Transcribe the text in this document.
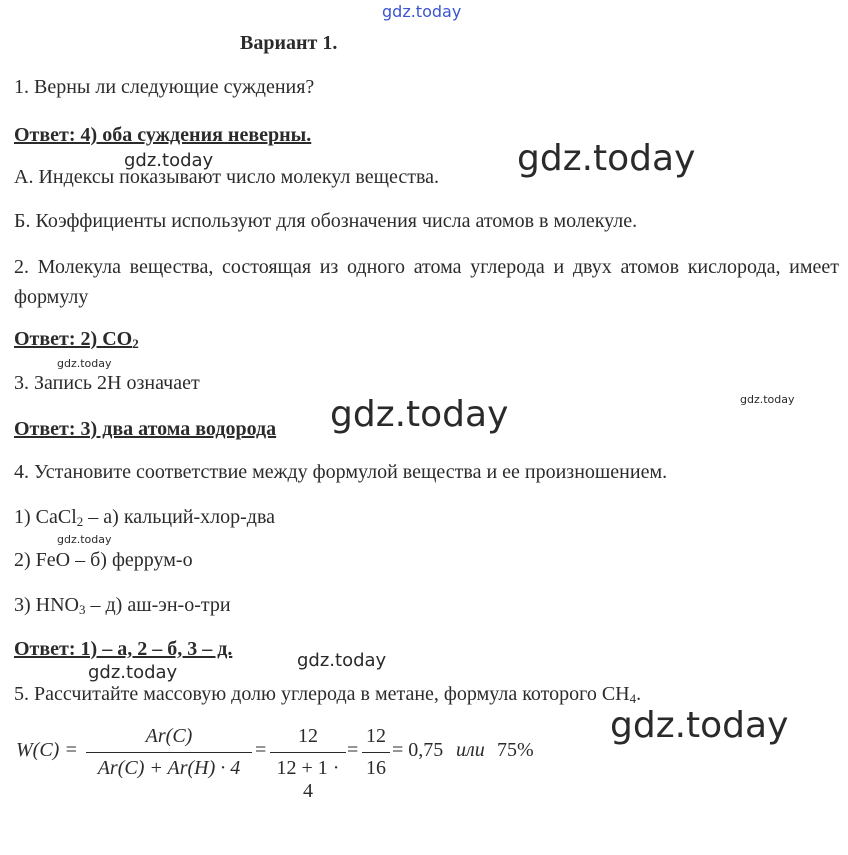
gdz.today
gdz.today	gdz.today
gdz.today
gdz.today	gdz.today
gdz.today
gdz.today
gdz.today
gdz.today
Вариант 1.
1. Верны ли следующие суждения?
Ответ: 4) оба суждения неверны.
А. Индексы показывают число молекул вещества.
Б. Коэффициенты используют для обозначения числа атомов в молекуле.
2. Молекула вещества, состоящая из одного атома углерода и двух атомов кислорода, имеет формулу
Ответ: 2) $CO_2$
3. Запись 2Н означает
Ответ: 3) два атома водорода
4. Установите соответствие между формулой вещества и ее произношением.
1) CaCl$_2$ – а) кальций-хлор-два
2) FeO – б) феррум-о
3) $HNO_3 - д$) аш-эн-о-три
Ответ: 1) – а, 2 – б, 3 – д.
5. Рассчитайте массовую долю углерода в метане, формула которого $CH_4$.
W(C) =
Ar(C)
Ar(C) + Ar(H) · 4
=
12
12 + 1 · 4
=
12
16
= 0,75 или 75%
